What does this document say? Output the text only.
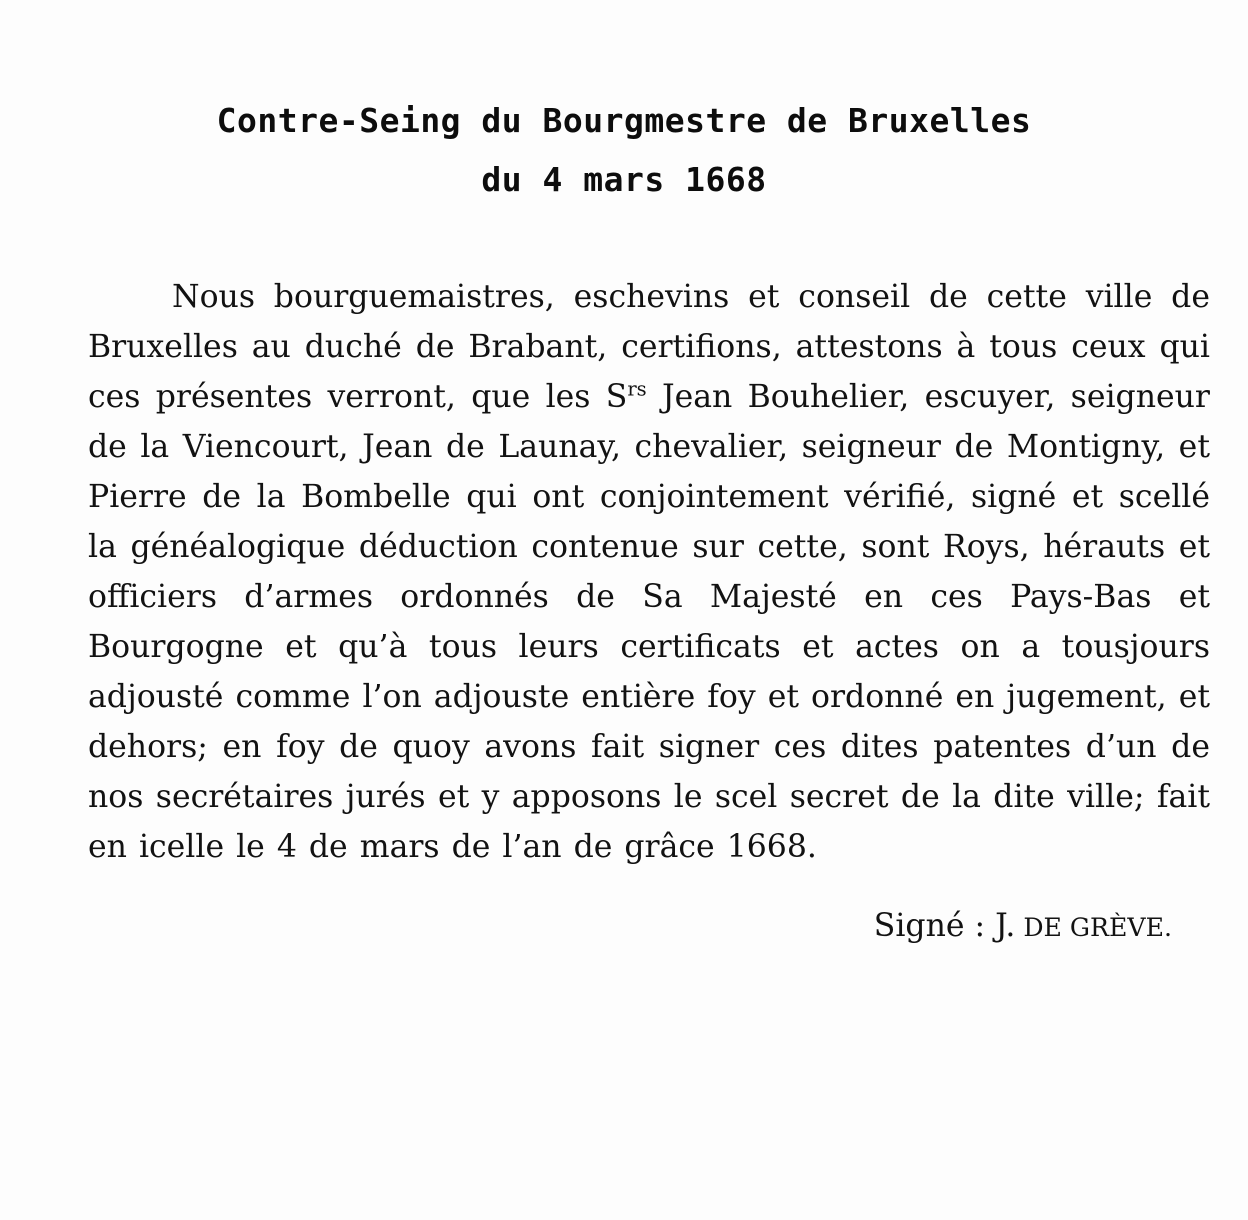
Contre-Seing du Bourgmestre de Bruxelles
du 4 mars 1668

Nous bourguemaistres, eschevins et conseil de cette ville de Bruxelles au duché de Brabant, certifions, attestons à tous ceux qui ces présentes verront, que les $S^{rs}$ Jean Bouhelier, escuyer, seigneur de la Viencourt, Jean de Launay, chevalier, seigneur de Montigny, et Pierre de la Bombelle qui ont conjointement vérifié, signé et scellé la généalogique déduction contenue sur cette, sont Roys, hérauts et officiers d’armes ordonnés de Sa Majesté en ces Pays-Bas et Bourgogne et qu’à tous leurs certificats et actes on a tousjours adjousté comme l’on adjouste entière foy et ordonné en jugement, et dehors; en foy de quoy avons fait signer ces dites patentes d’un de nos secrétaires jurés et y apposons le scel secret de la dite ville; fait en icelle le 4 de mars de l’an de grâce 1668.

Signé : J. DE GRÈVE.
